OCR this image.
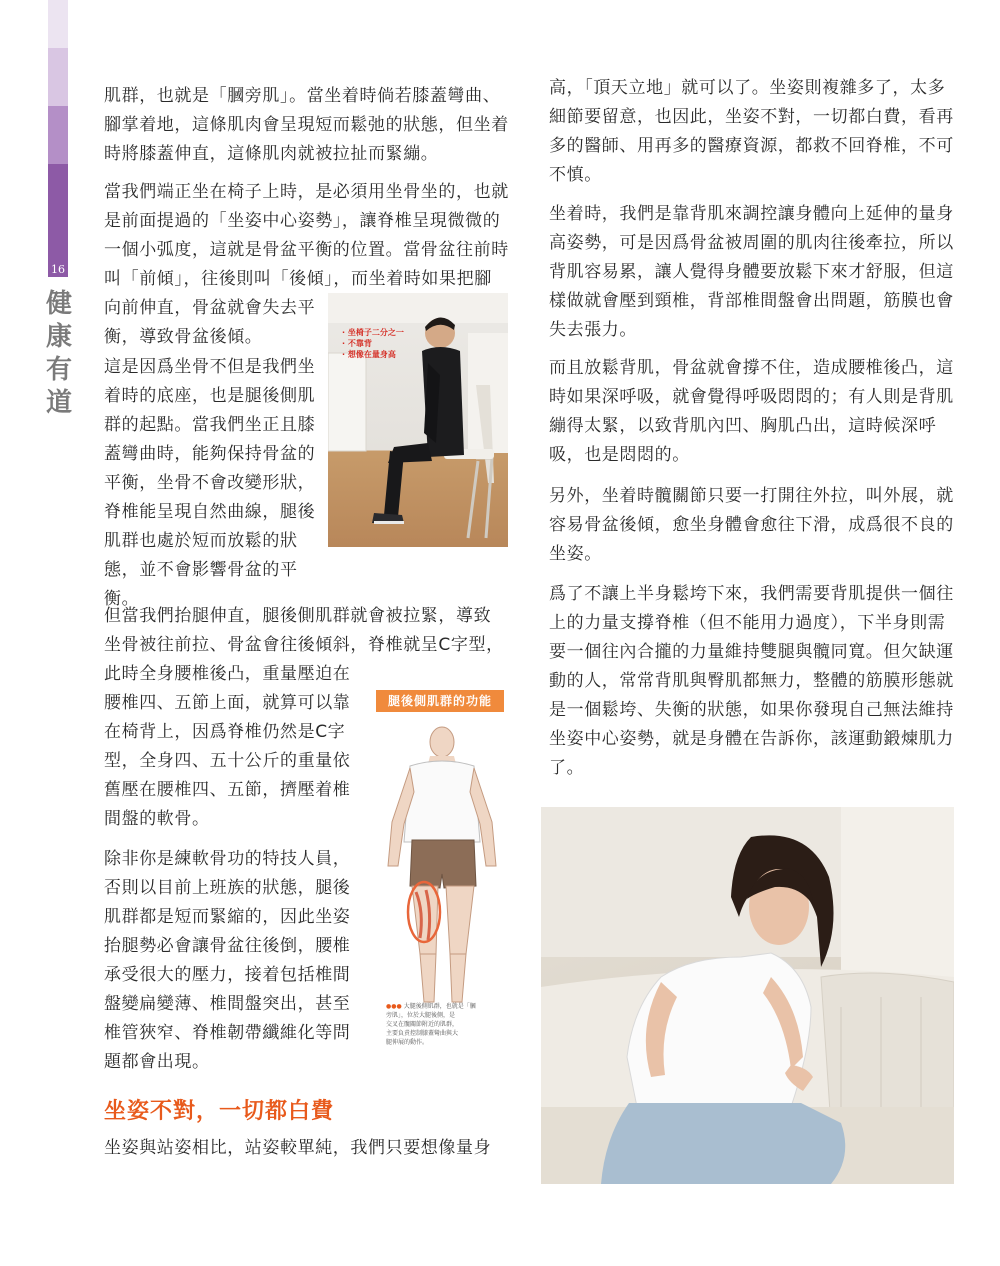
16
健
康
有
道
肌群，也就是「膕旁肌」。當坐着時倘若膝蓋彎曲、
腳掌着地，這條肌肉會呈現短而鬆弛的狀態，但坐着
時將膝蓋伸直，這條肌肉就被拉扯而緊繃。
當我們端正坐在椅子上時，是必須用坐骨坐的，也就
是前面提過的「坐姿中心姿勢」，讓脊椎呈現微微的
一個小弧度，這就是骨盆平衡的位置。當骨盆往前時
叫「前傾」，往後則叫「後傾」，而坐着時如果把腳
向前伸直，骨盆就會失去平
衡，導致骨盆後傾。
這是因爲坐骨不但是我們坐
着時的底座，也是腿後側肌
群的起點。當我們坐正且膝
蓋彎曲時，能夠保持骨盆的
平衡，坐骨不會改變形狀，
脊椎能呈現自然曲線，腿後
肌群也處於短而放鬆的狀
態，並不會影響骨盆的平
衡。
但當我們抬腿伸直，腿後側肌群就會被拉緊，導致
坐骨被往前拉、骨盆會往後傾斜，脊椎就呈C字型，
此時全身腰椎後凸，重量壓迫在
腰椎四、五節上面，就算可以靠
在椅背上，因爲脊椎仍然是C字
型，全身四、五十公斤的重量依
舊壓在腰椎四、五節，擠壓着椎
間盤的軟骨。
除非你是練軟骨功的特技人員，
否則以目前上班族的狀態，腿後
肌群都是短而緊縮的，因此坐姿
抬腿勢必會讓骨盆往後倒，腰椎
承受很大的壓力，接着包括椎間
盤變扁變薄、椎間盤突出，甚至
椎管狹窄、脊椎韌帶纖維化等問
題都會出現。
坐姿不對，一切都白費
坐姿與站姿相比，站姿較單純，我們只要想像量身
· 坐椅子二分之一
· 不靠背
· 想像在量身高
腿後側肌群的功能
●●● 大腿後側肌群，也就是「膕
旁肌」，位於大腿後側，是
交叉在髖關節附近的肌群，
主要負責控制膝蓋彎曲與大
腿伸展的動作。
高，「頂天立地」就可以了。坐姿則複雜多了，太多
細節要留意，也因此，坐姿不對，一切都白費，看再
多的醫師、用再多的醫療資源，都救不回脊椎，不可
不慎。
坐着時，我們是靠背肌來調控讓身體向上延伸的量身
高姿勢，可是因爲骨盆被周圍的肌肉往後牽拉，所以
背肌容易累，讓人覺得身體要放鬆下來才舒服，但這
樣做就會壓到頸椎，背部椎間盤會出問題，筋膜也會
失去張力。
而且放鬆背肌，骨盆就會撐不住，造成腰椎後凸，這
時如果深呼吸，就會覺得呼吸悶悶的；有人則是背肌
繃得太緊，以致背肌內凹、胸肌凸出，這時候深呼
吸，也是悶悶的。
另外，坐着時髖關節只要一打開往外拉，叫外展，就
容易骨盆後傾，愈坐身體會愈往下滑，成爲很不良的
坐姿。
爲了不讓上半身鬆垮下來，我們需要背肌提供一個往
上的力量支撐脊椎（但不能用力過度），下半身則需
要一個往內合攏的力量維持雙腿與髖同寬。但欠缺運
動的人，常常背肌與臀肌都無力，整體的筋膜形態就
是一個鬆垮、失衡的狀態，如果你發現自己無法維持
坐姿中心姿勢，就是身體在告訴你，該運動鍛煉肌力
了。
